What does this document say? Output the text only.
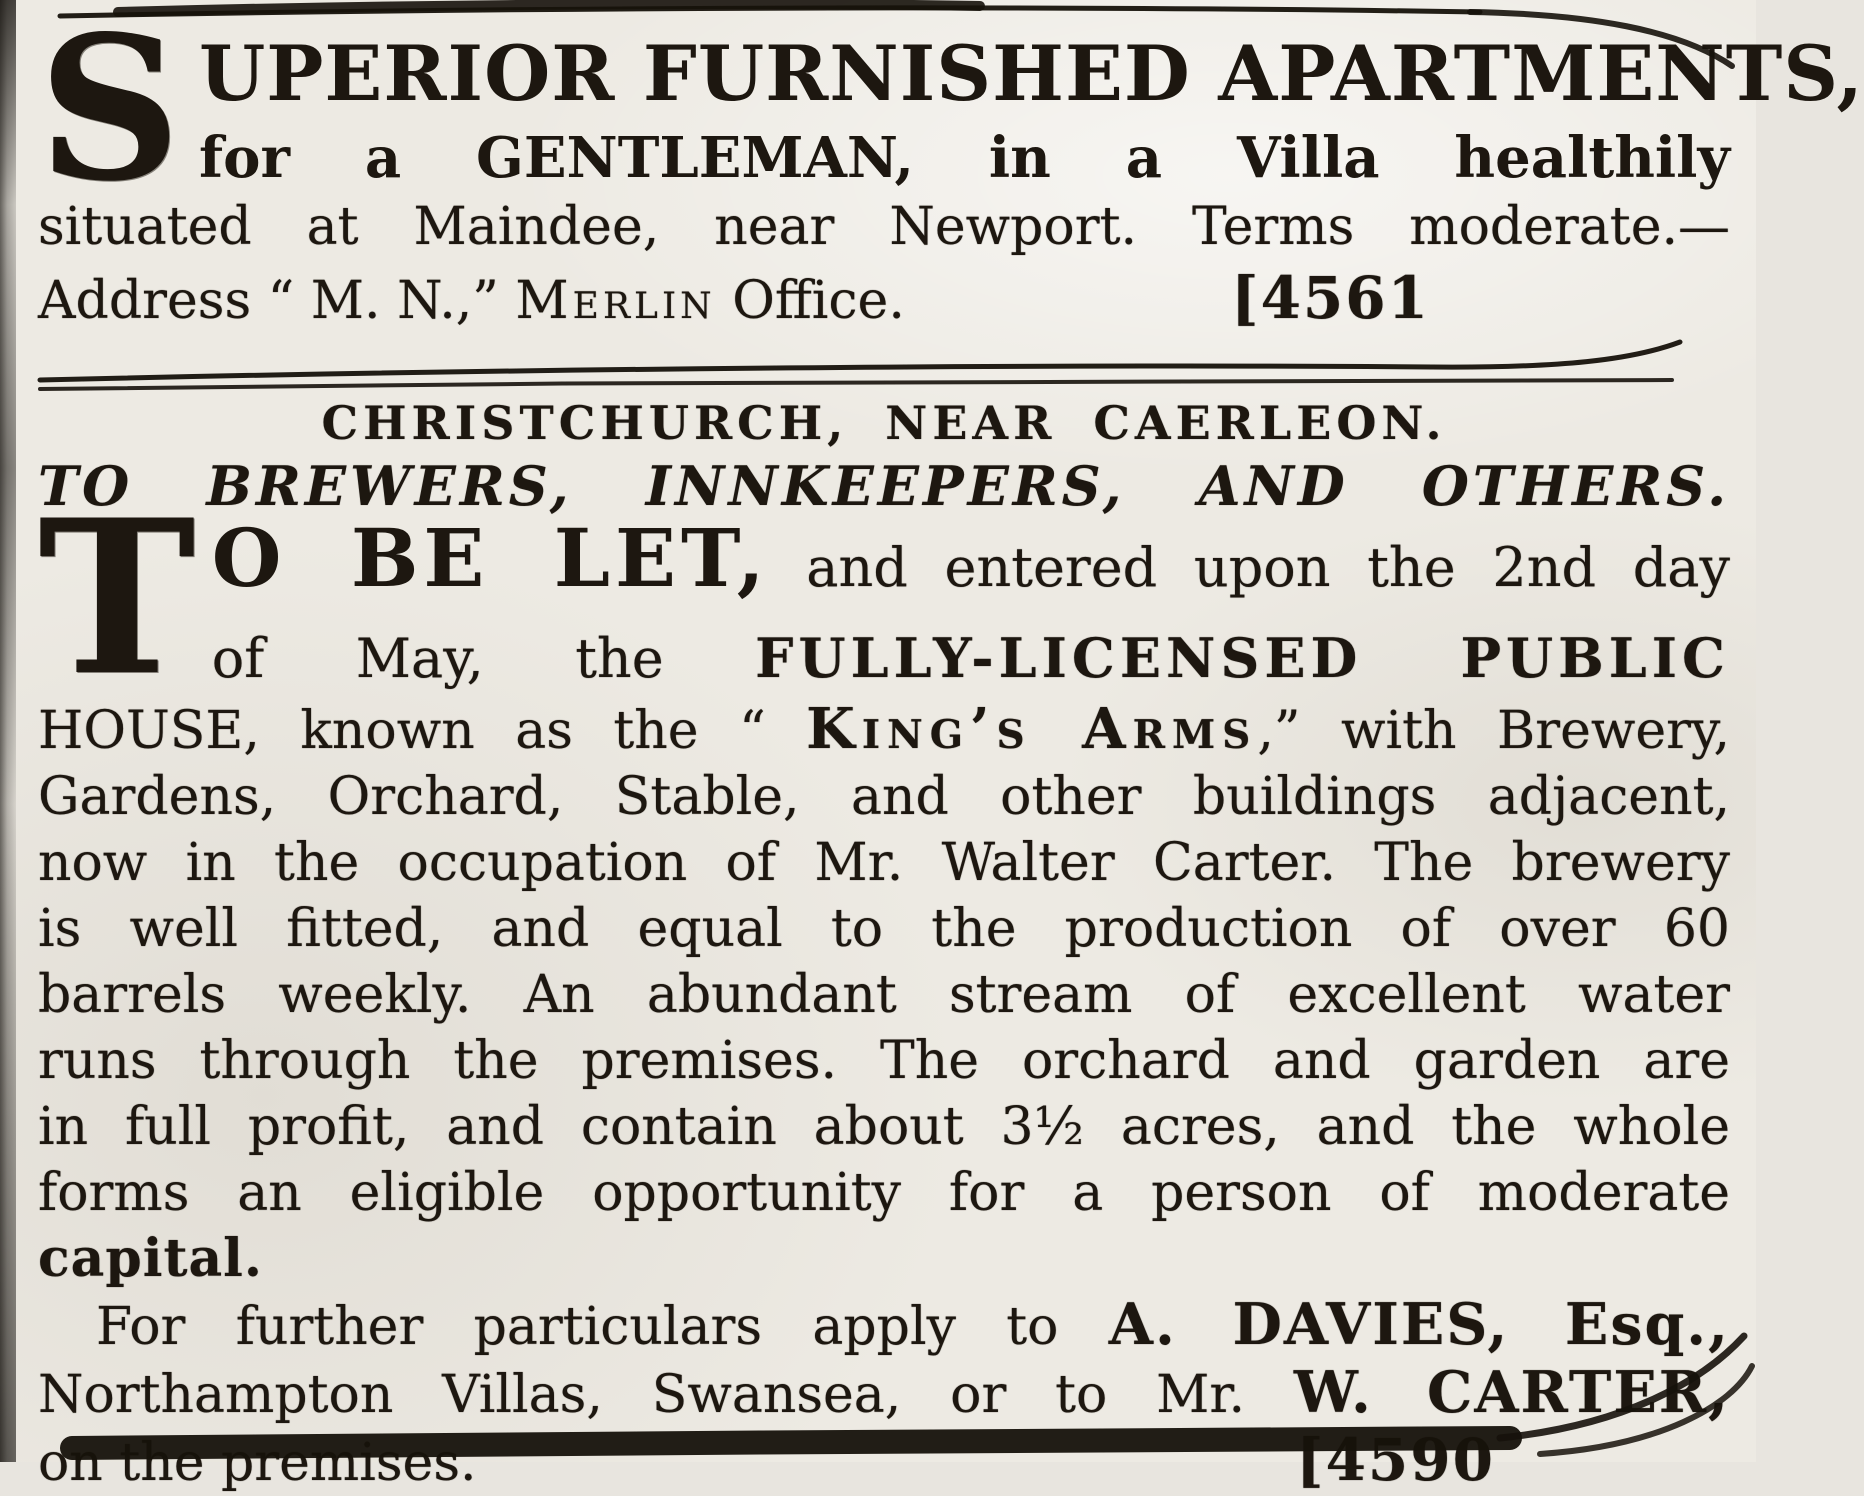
S UPERIOR FURNISHED APARTMENTS,
for a GENTLEMAN, in a Villa healthily
situated at Maindee, near Newport. Terms moderate.—
Address “ M. N.,” Merlin Office.	[4561
CHRISTCHURCH, NEAR CAERLEON.
TO BREWERS, INNKEEPERS, AND OTHERS.
T O BE LET, and entered upon the 2nd day
of May, the FULLY-LICENSED PUBLIC
HOUSE, known as the “ King’s Arms,” with Brewery,
Gardens, Orchard, Stable, and other buildings adjacent,
now in the occupation of Mr. Walter Carter. The brewery
is well fitted, and equal to the production of over 60
barrels weekly. An abundant stream of excellent water
runs through the premises. The orchard and garden are
in full profit, and contain about 3½ acres, and the whole
forms an eligible opportunity for a person of moderate
capital.
For further particulars apply to A. DAVIES, Esq.,
Northampton Villas, Swansea, or to Mr. W. CARTER,
on the premises.	[4590
